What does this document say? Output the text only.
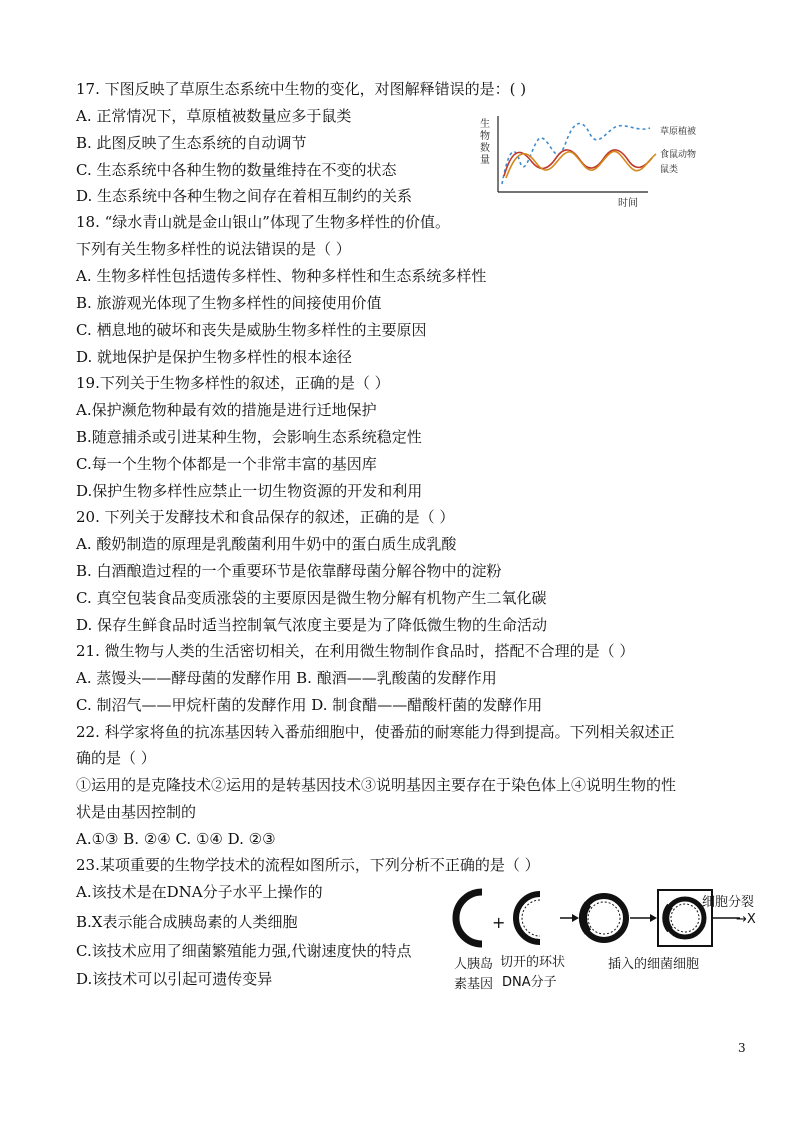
17. 下图反映了草原生态系统中生物的变化，对图解释错误的是：( )
A. 正常情况下，草原植被数量应多于鼠类
B. 此图反映了生态系统的自动调节
C. 生态系统中各种生物的数量维持在不变的状态
D. 生态系统中各种生物之间存在着相互制约的关系
生
物
数
量
草原植被
食鼠动物
鼠类
时间
18. “绿水青山就是金山银山”体现了生物多样性的价值。
下列有关生物多样性的说法错误的是（ ）
A. 生物多样性包括遗传多样性、物种多样性和生态系统多样性
B. 旅游观光体现了生物多样性的间接使用价值
C. 栖息地的破坏和丧失是威胁生物多样性的主要原因
D. 就地保护是保护生物多样性的根本途径
19.下列关于生物多样性的叙述，正确的是（ ）
A.保护濒危物种最有效的措施是进行迁地保护
B.随意捕杀或引进某种生物，会影响生态系统稳定性
C.每一个生物个体都是一个非常丰富的基因库
D.保护生物多样性应禁止一切生物资源的开发和利用
20. 下列关于发酵技术和食品保存的叙述，正确的是（ ）
A. 酸奶制造的原理是乳酸菌利用牛奶中的蛋白质生成乳酸
B. 白酒酿造过程的一个重要环节是依靠酵母菌分解谷物中的淀粉
C. 真空包装食品变质涨袋的主要原因是微生物分解有机物产生二氧化碳
D. 保存生鲜食品时适当控制氧气浓度主要是为了降低微生物的生命活动
21. 微生物与人类的生活密切相关，在利用微生物制作食品时，搭配不合理的是（ ）
A. 蒸馒头——酵母菌的发酵作用 B. 酿酒——乳酸菌的发酵作用
C. 制沼气——甲烷杆菌的发酵作用 D. 制食醋——醋酸杆菌的发酵作用
22. 科学家将鱼的抗冻基因转入番茄细胞中，使番茄的耐寒能力得到提高。下列相关叙述正
确的是（ ）
①运用的是克隆技术②运用的是转基因技术③说明基因主要存在于染色体上④说明生物的性
状是由基因控制的
A.①③ B. ②④ C. ①④ D. ②③
23.某项重要的生物学技术的流程如图所示，下列分析不正确的是（ ）
A.该技术是在DNA分子水平上操作的
B.X表示能合成胰岛素的人类细胞
C.该技术应用了细菌繁殖能力强,代谢速度快的特点
D.该技术可以引起可遗传变异
+
细胞分裂
→X
人胰岛
素基因
切开的环状
DNA分子
插入的细菌细胞
3
